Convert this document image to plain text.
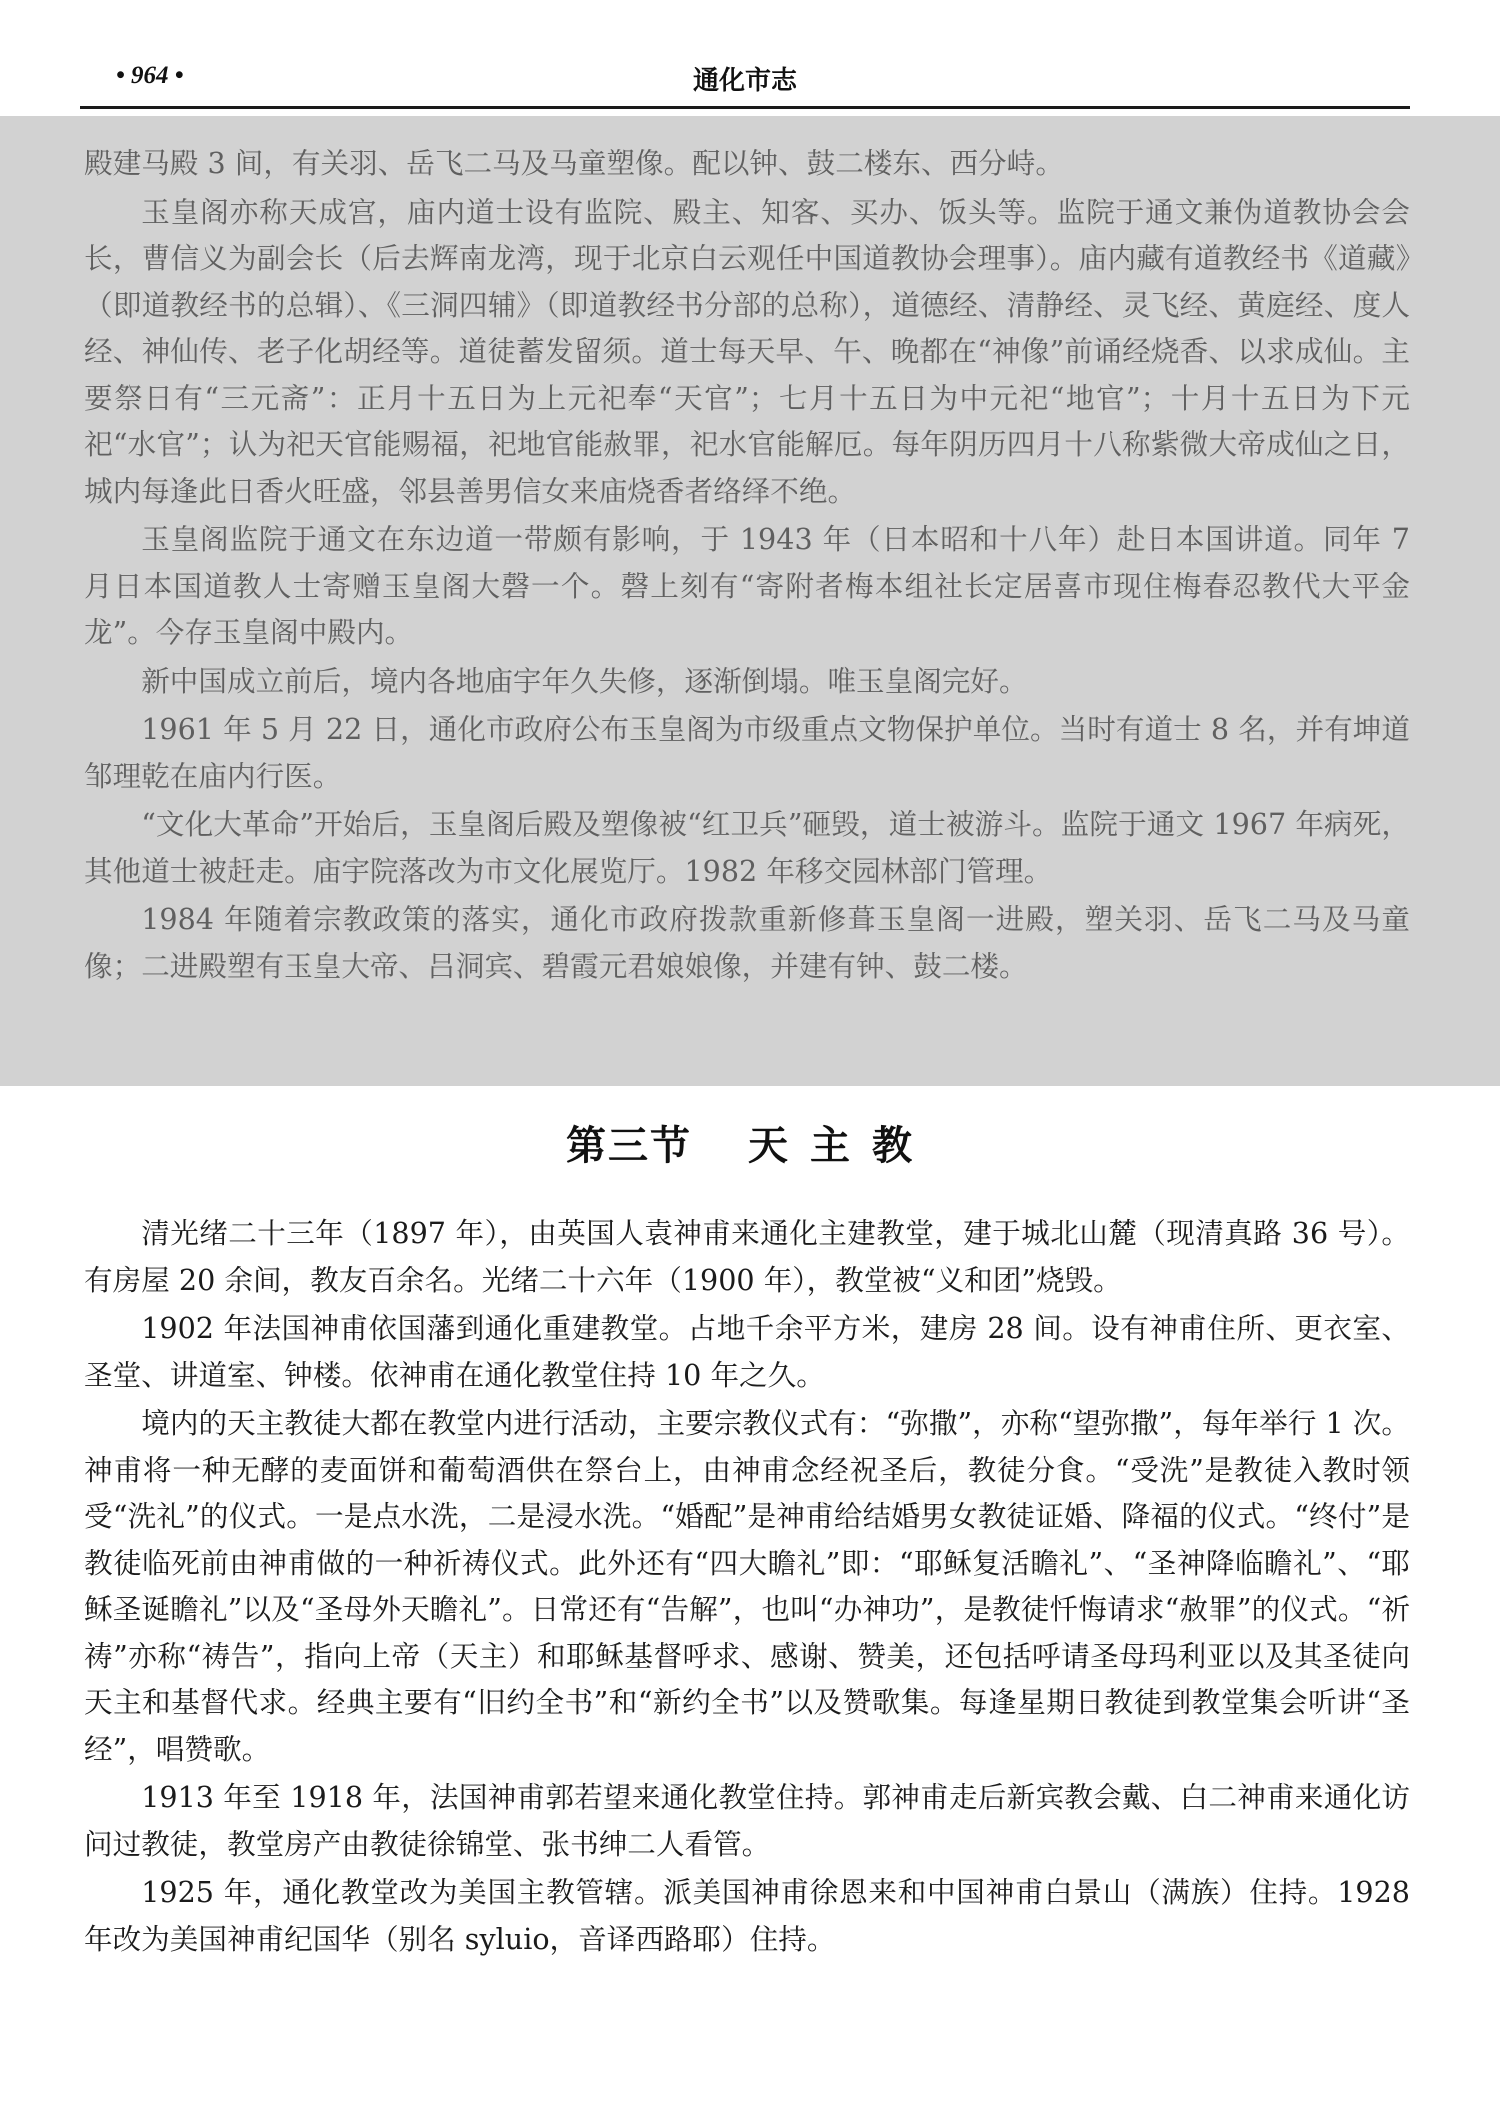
• 964 •	通化市志

殿建马殿 3 间，有关羽、岳飞二马及马童塑像。配以钟、鼓二楼东、西分峙。

玉皇阁亦称天成宫，庙内道士设有监院、殿主、知客、买办、饭头等。监院于通文兼伪道教协会会长，曹信义为副会长（后去辉南龙湾，现于北京白云观任中国道教协会理事）。庙内藏有道教经书《道藏》（即道教经书的总辑）、《三洞四辅》（即道教经书分部的总称），道德经、清静经、灵飞经、黄庭经、度人经、神仙传、老子化胡经等。道徒蓄发留须。道士每天早、午、晚都在“神像”前诵经烧香、以求成仙。主要祭日有“三元斋”：正月十五日为上元祀奉“天官”；七月十五日为中元祀“地官”；十月十五日为下元祀“水官”；认为祀天官能赐福，祀地官能赦罪，祀水官能解厄。每年阴历四月十八称紫微大帝成仙之日，城内每逢此日香火旺盛，邻县善男信女来庙烧香者络绎不绝。

玉皇阁监院于通文在东边道一带颇有影响，于 1943 年（日本昭和十八年）赴日本国讲道。同年 7 月日本国道教人士寄赠玉皇阁大磬一个。磬上刻有“寄附者梅本组社长定居喜市现住梅春忍教代大平金龙”。今存玉皇阁中殿内。

新中国成立前后，境内各地庙宇年久失修，逐渐倒塌。唯玉皇阁完好。

1961 年 5 月 22 日，通化市政府公布玉皇阁为市级重点文物保护单位。当时有道士 8 名，并有坤道邹理乾在庙内行医。

“文化大革命”开始后，玉皇阁后殿及塑像被“红卫兵”砸毁，道士被游斗。监院于通文 1967 年病死，其他道士被赶走。庙宇院落改为市文化展览厅。1982 年移交园林部门管理。

1984 年随着宗教政策的落实，通化市政府拨款重新修葺玉皇阁一进殿，塑关羽、岳飞二马及马童像；二进殿塑有玉皇大帝、吕洞宾、碧霞元君娘娘像，并建有钟、鼓二楼。

第三节 天主教

清光绪二十三年（1897 年），由英国人袁神甫来通化主建教堂，建于城北山麓（现清真路 36 号）。有房屋 20 余间，教友百余名。光绪二十六年（1900 年），教堂被“义和团”烧毁。

1902 年法国神甫依国藩到通化重建教堂。占地千余平方米，建房 28 间。设有神甫住所、更衣室、圣堂、讲道室、钟楼。依神甫在通化教堂住持 10 年之久。

境内的天主教徒大都在教堂内进行活动，主要宗教仪式有：“弥撒”，亦称“望弥撒”，每年举行 1 次。神甫将一种无酵的麦面饼和葡萄酒供在祭台上，由神甫念经祝圣后，教徒分食。“受洗”是教徒入教时领受“洗礼”的仪式。一是点水洗，二是浸水洗。“婚配”是神甫给结婚男女教徒证婚、降福的仪式。“终付”是教徒临死前由神甫做的一种祈祷仪式。此外还有“四大瞻礼”即：“耶稣复活瞻礼”、“圣神降临瞻礼”、“耶稣圣诞瞻礼”以及“圣母外天瞻礼”。日常还有“告解”，也叫“办神功”，是教徒忏悔请求“赦罪”的仪式。“祈祷”亦称“祷告”，指向上帝（天主）和耶稣基督呼求、感谢、赞美，还包括呼请圣母玛利亚以及其圣徒向天主和基督代求。经典主要有“旧约全书”和“新约全书”以及赞歌集。每逢星期日教徒到教堂集会听讲“圣经”，唱赞歌。

1913 年至 1918 年，法国神甫郭若望来通化教堂住持。郭神甫走后新宾教会戴、白二神甫来通化访问过教徒，教堂房产由教徒徐锦堂、张书绅二人看管。

1925 年，通化教堂改为美国主教管辖。派美国神甫徐恩来和中国神甫白景山（满族）住持。1928 年改为美国神甫纪国华（别名 syluio，音译西路耶）住持。
